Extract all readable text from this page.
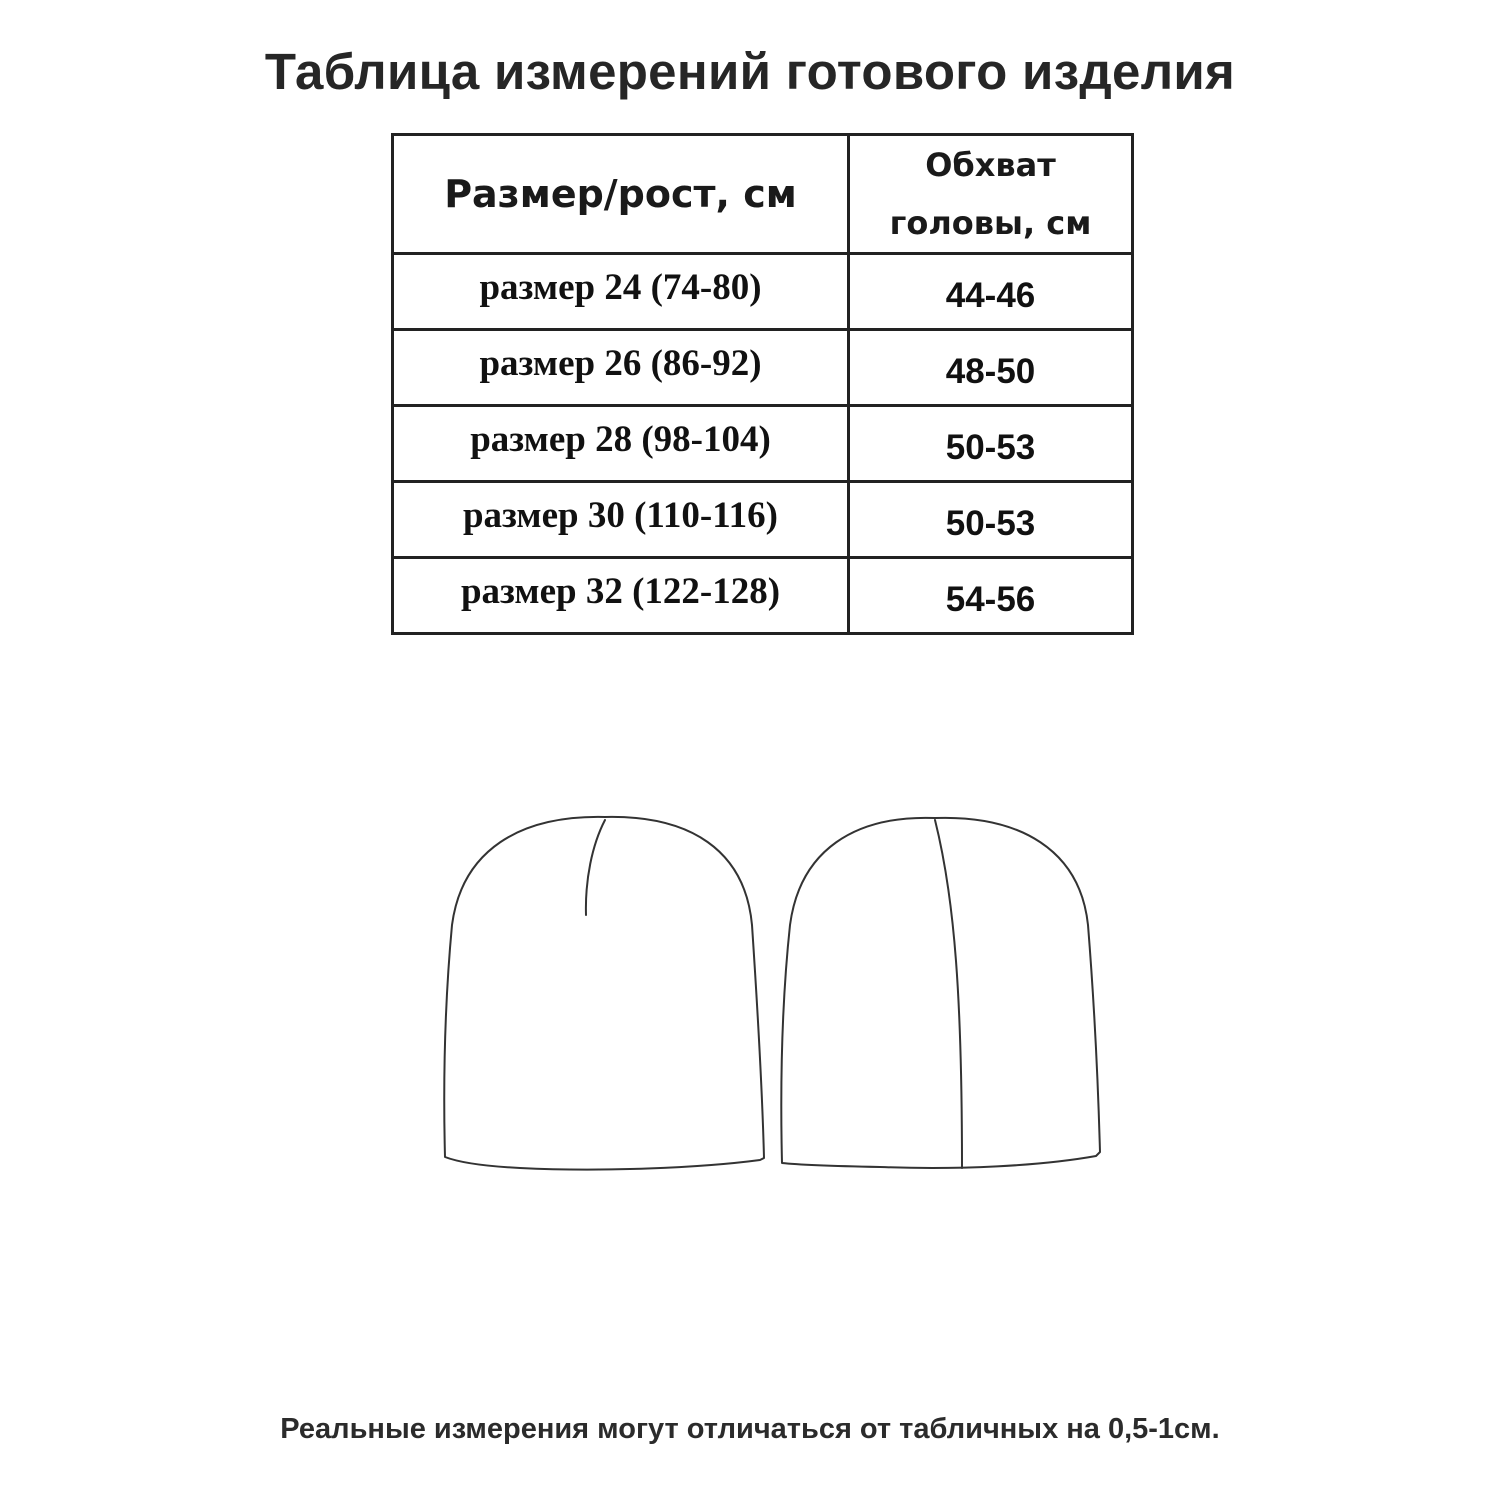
Таблица измерений готового изделия
Размер/рост, см	Обхват
головы, см
размер 24 (74-80)	44-46
размер 26 (86-92)	48-50
размер 28 (98-104)	50-53
размер 30 (110-116)	50-53
размер 32 (122-128)	54-56

Реальные измерения могут отличаться от табличных на 0,5-1см.
